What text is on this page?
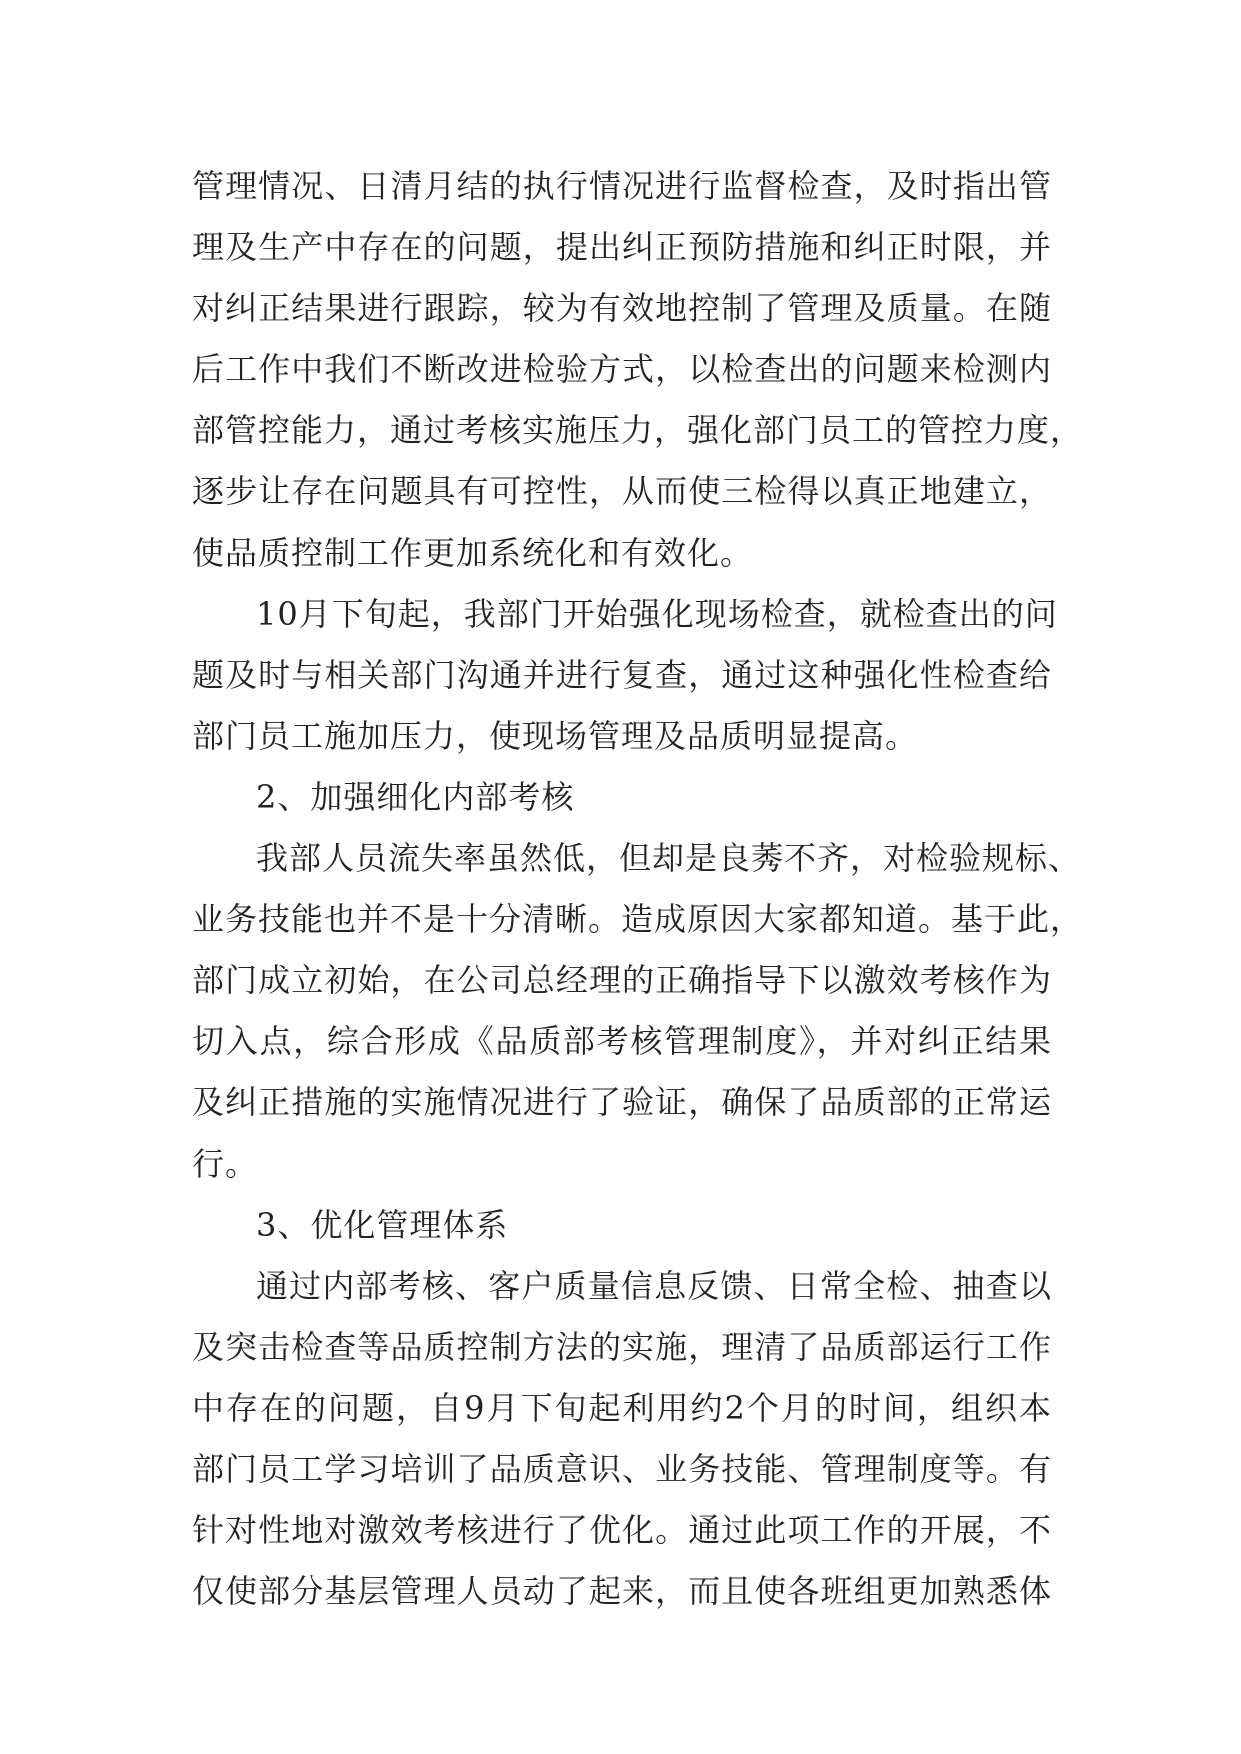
管理情况、日清月结的执行情况进行监督检查，及时指出管
理及生产中存在的问题，提出纠正预防措施和纠正时限，并
对纠正结果进行跟踪，较为有效地控制了管理及质量。在随
后工作中我们不断改进检验方式，以检查出的问题来检测内
部管控能力，通过考核实施压力，强化部门员工的管控力度，
逐步让存在问题具有可控性，从而使三检得以真正地建立，
使品质控制工作更加系统化和有效化。
10月下旬起，我部门开始强化现场检查，就检查出的问
题及时与相关部门沟通并进行复查，通过这种强化性检查给
部门员工施加压力，使现场管理及品质明显提高。
2、加强细化内部考核
我部人员流失率虽然低，但却是良莠不齐，对检验规标、
业务技能也并不是十分清晰。造成原因大家都知道。基于此，
部门成立初始，在公司总经理的正确指导下以激效考核作为
切入点，综合形成《品质部考核管理制度》，并对纠正结果
及纠正措施的实施情况进行了验证，确保了品质部的正常运
行。
3、优化管理体系
通过内部考核、客户质量信息反馈、日常全检、抽查以
及突击检查等品质控制方法的实施，理清了品质部运行工作
中存在的问题，自9月下旬起利用约2个月的时间，组织本
部门员工学习培训了品质意识、业务技能、管理制度等。有
针对性地对激效考核进行了优化。通过此项工作的开展，不
仅使部分基层管理人员动了起来，而且使各班组更加熟悉体
